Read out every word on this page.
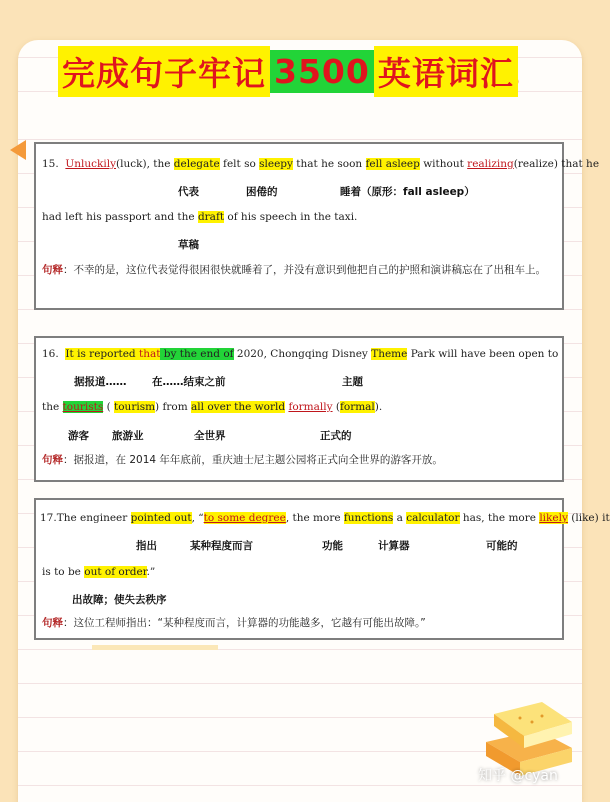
完成句子牢记 3500 英语词汇
15. Unluckily(luck), the delegate felt so sleepy that he soon fell asleep without realizing(realize) that he
代表	困倦的	睡着（原形：fall asleep）
had left his passport and the draft of his speech in the taxi.
草稿
句释：不幸的是，这位代表觉得很困很快就睡着了，并没有意识到他把自己的护照和演讲稿忘在了出租车上。
16. It is reported that by the end of 2020, Chongqing Disney Theme Park will have been open to
据报道…… 在……结束之前	主题
the tourists ( tourism) from all over the world formally (formal).
游客 旅游业	全世界	正式的
句释：据报道，在 2014 年年底前，重庆迪士尼主题公园将正式向全世界的游客开放。
17.The engineer pointed out, “to some degree, the more functions a calculator has, the more likely (like) it
指出	某种程度而言	功能	计算器	可能的
is to be out of order.”
出故障；使失去秩序
句释：这位工程师指出：“某种程度而言，计算器的功能越多，它越有可能出故障。”
知乎 @cyan
